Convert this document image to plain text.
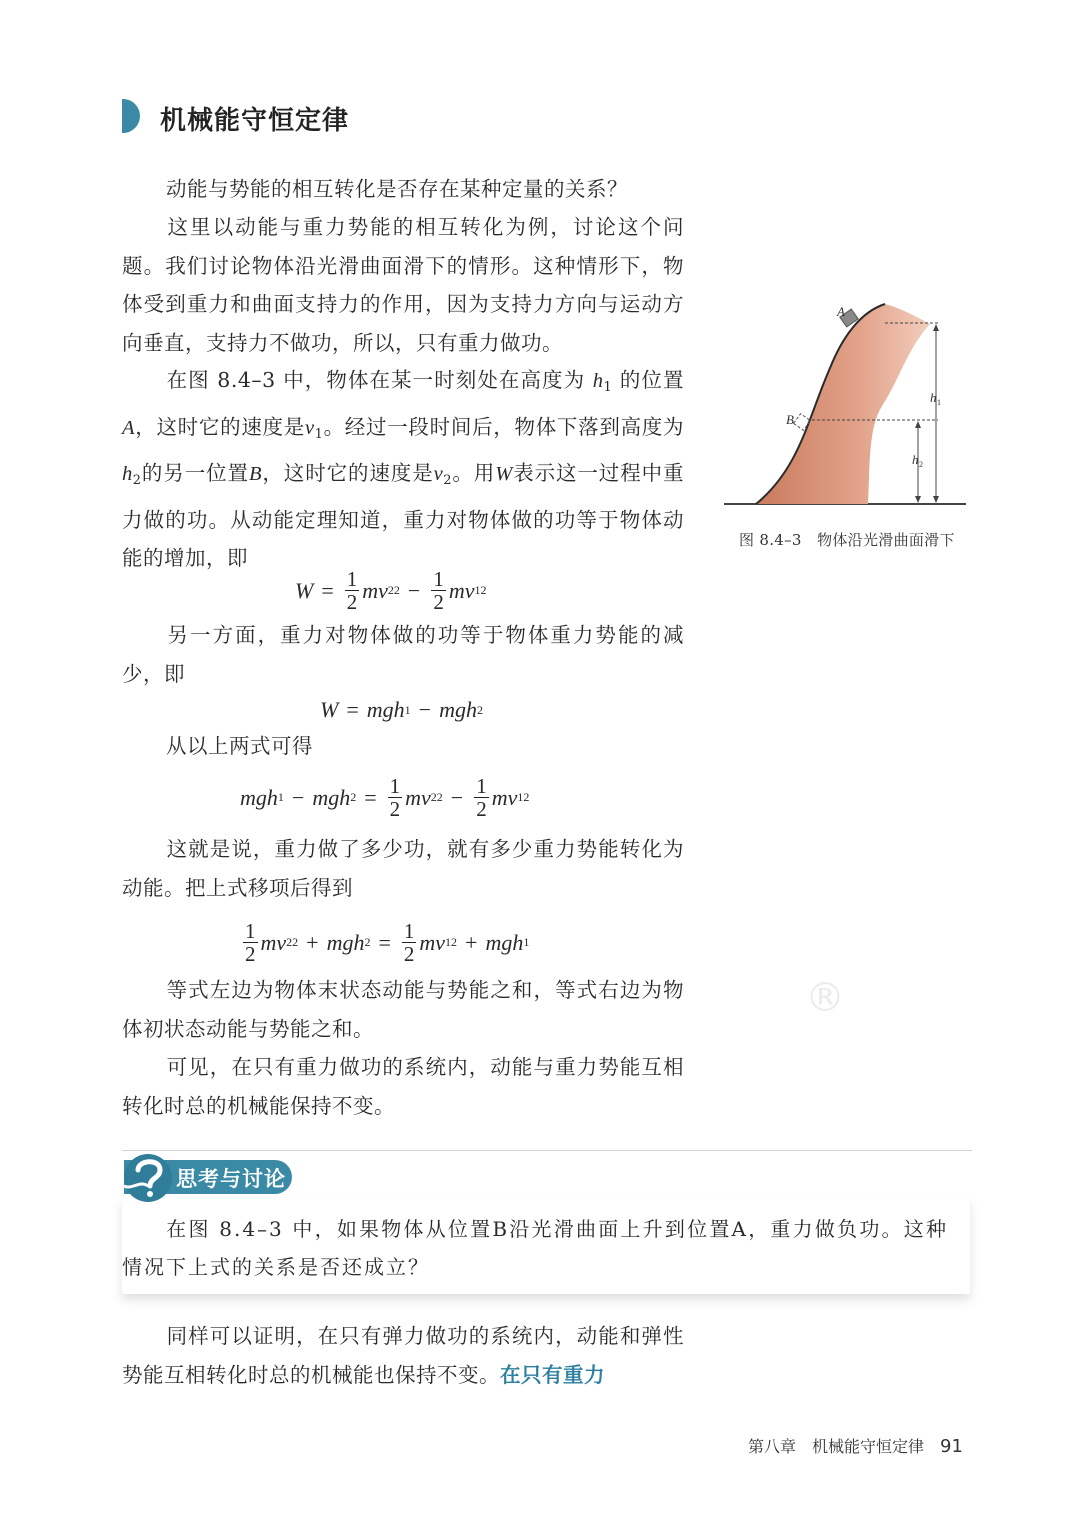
机械能守恒定律
动能与势能的相互转化是否存在某种定量的关系？
这里以动能与重力势能的相互转化为例，讨论这个问题。我们讨论物体沿光滑曲面滑下的情形。这种情形下，物体受到重力和曲面支持力的作用，因为支持力方向与运动方向垂直，支持力不做功，所以，只有重力做功。
在图 8.4–3 中，物体在某一时刻处在高度为 $h_1$ 的位置A，这时它的速度是$v_1$。经过一段时间后，物体下落到高度为$h_2$的另一位置B，这时它的速度是$v_2$。用W表示这一过程中重力做的功。从动能定理知道，重力对物体做的功等于物体动能的增加，即
$W = \frac{1}{2}$ m v 2 $2 - \frac{1}{2}$ m v 1 2
另一方面，重力对物体做的功等于物体重力势能的减少，即
W = m g h 1 − m g h 2
从以上两式可得
m g h 1 − m g h $2 = \frac{1}{2}$ m v 2 $2 - \frac{1}{2}$ m v 1 2
这就是说，重力做了多少功，就有多少重力势能转化为动能。把上式移项后得到
$\frac{1}{2}$ m v 2 2 + m g h $2 = \frac{1}{2}$ m v 1 2 + m g h 1
等式左边为物体末状态动能与势能之和，等式右边为物体初状态动能与势能之和。
可见，在只有重力做功的系统内，动能与重力势能互相转化时总的机械能保持不变。
®
A
B
h 1
h 2
图 8.4–3　物体沿光滑曲面滑下
思考与讨论
在图 8.4–3 中，如果物体从位置B沿光滑曲面上升到位置A，重力做负功。这种情况下上式的关系是否还成立？
同样可以证明，在只有弹力做功的系统内，动能和弹性势能互相转化时总的机械能也保持不变。在只有重力
第八章　机械能守恒定律 91
